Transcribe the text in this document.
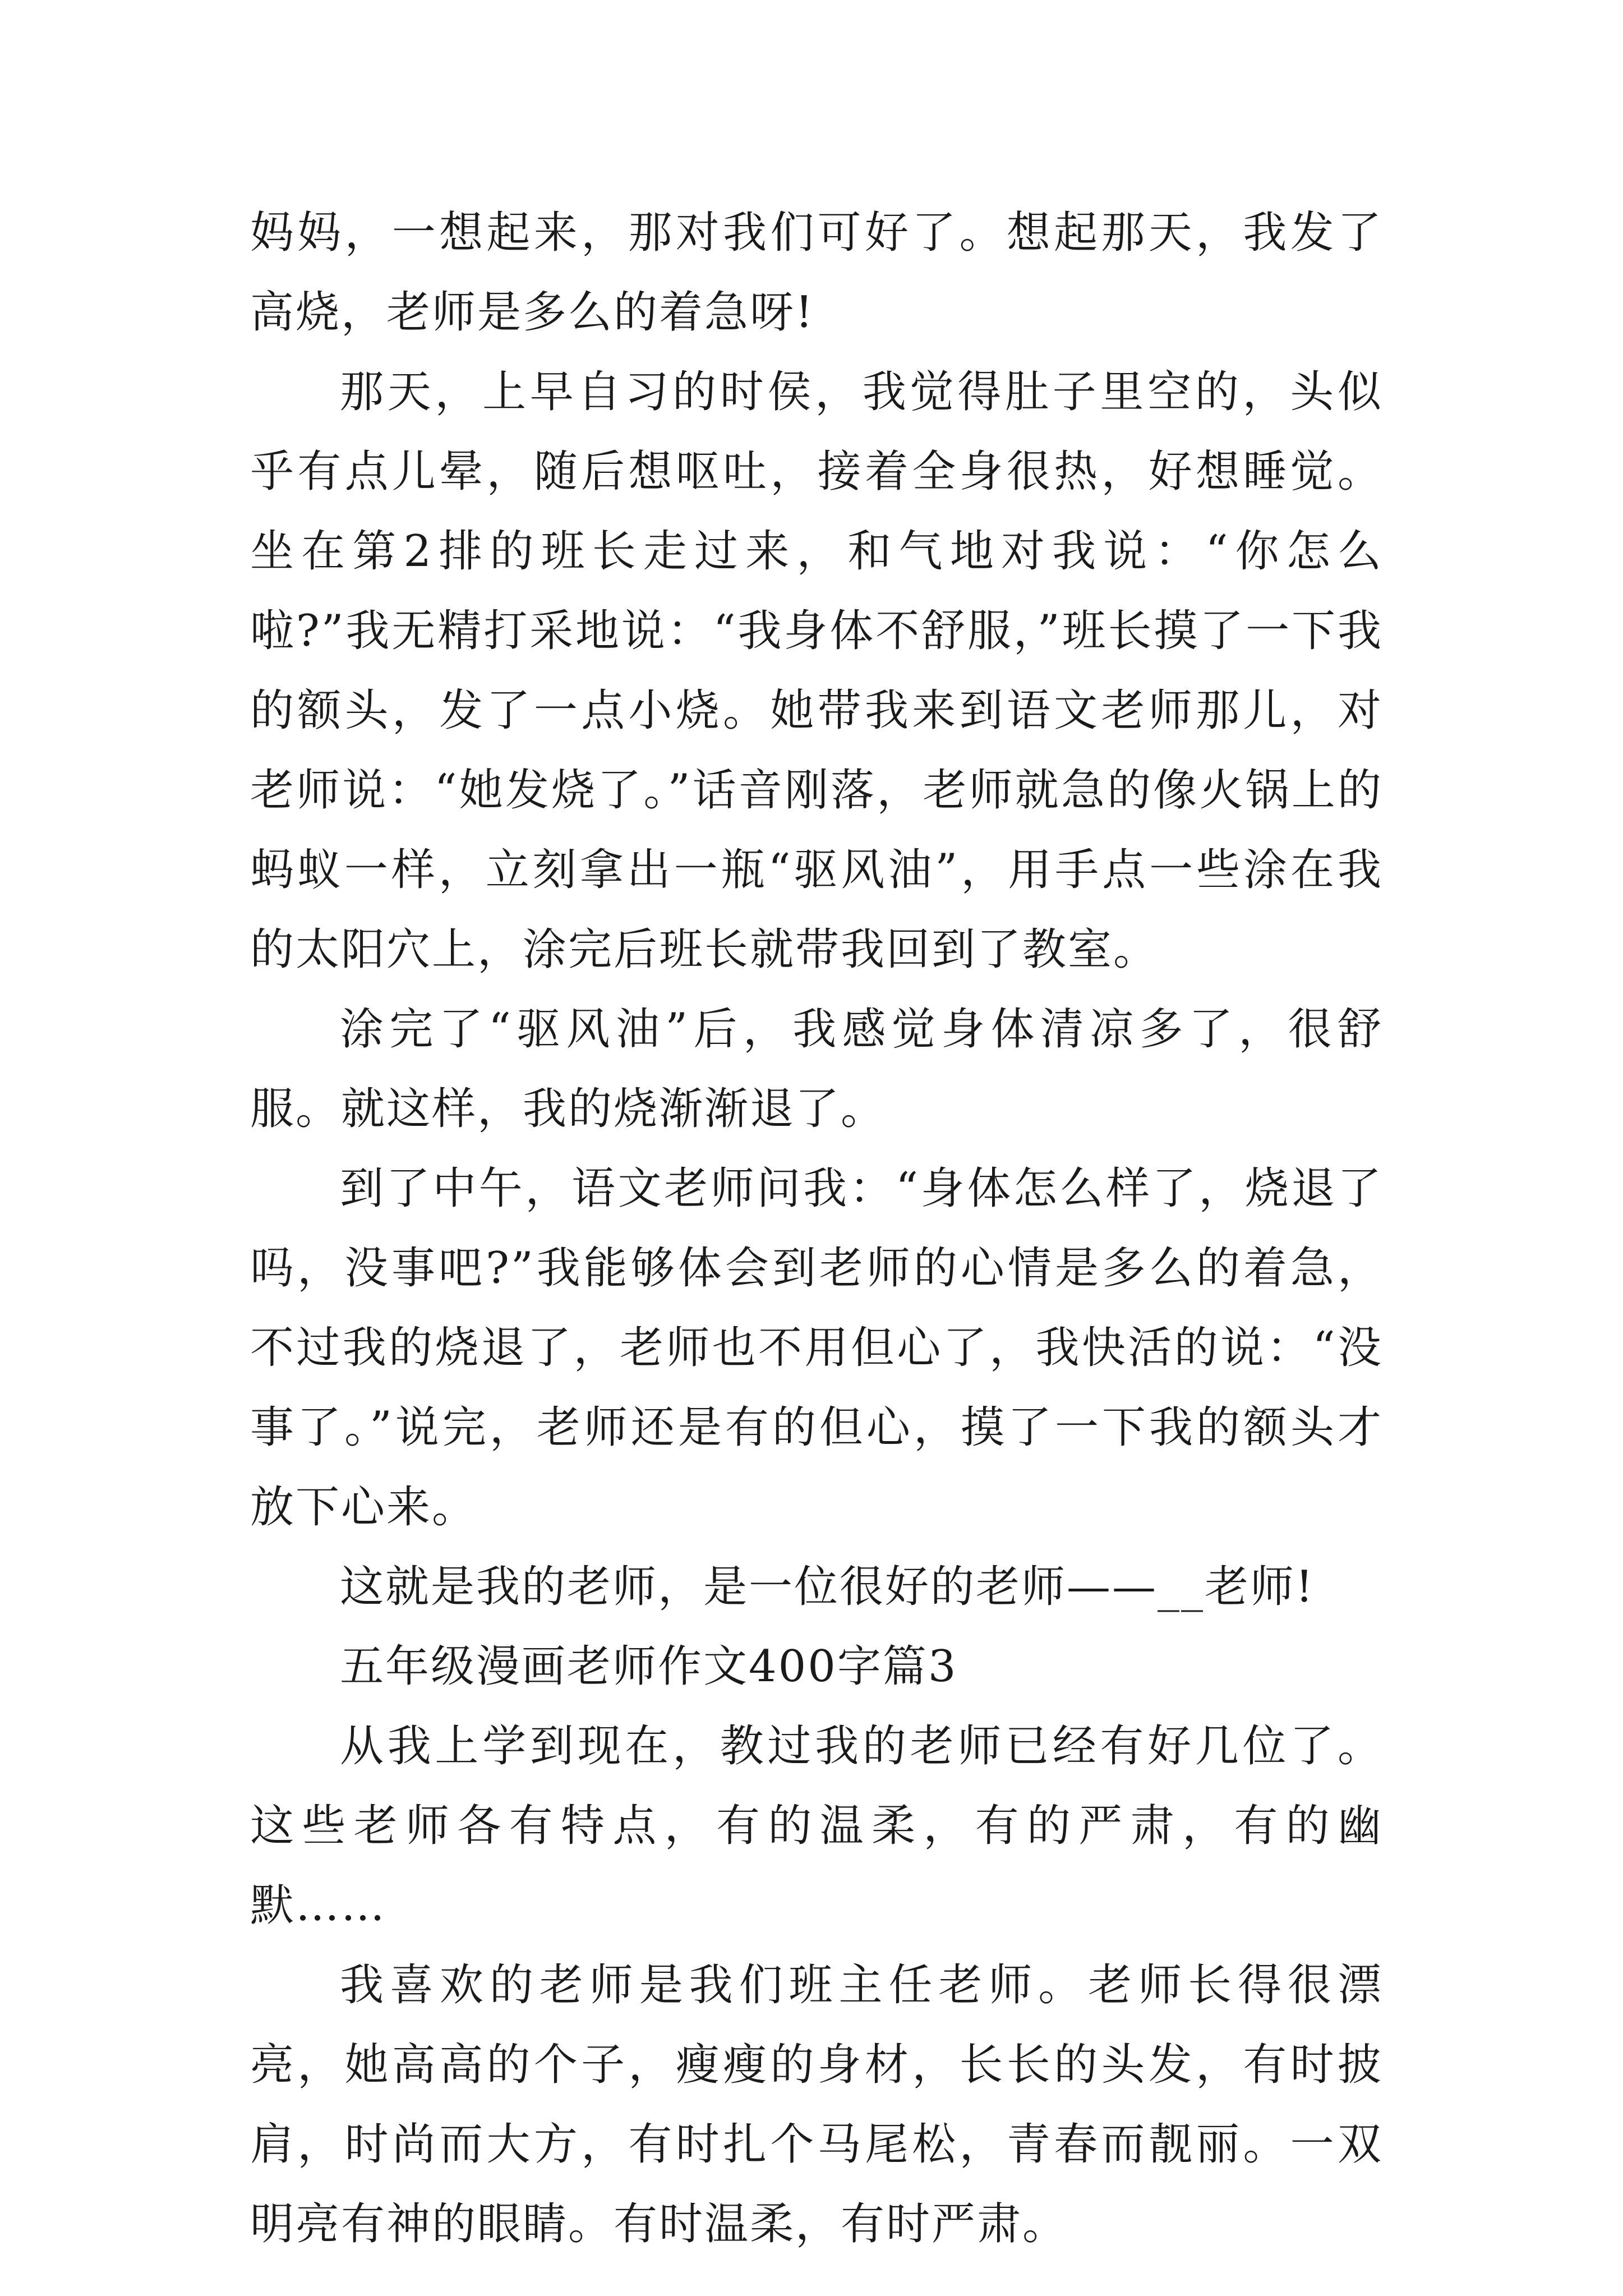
妈妈，一想起来，那对我们可好了。想起那天，我发了高烧，老师是多么的着急呀!

那天，上早自习的时侯，我觉得肚子里空的，头似乎有点儿晕，随后想呕吐，接着全身很热，好想睡觉。坐在第2排的班长走过来，和气地对我说：“你怎么啦?”我无精打采地说：“我身体不舒服，”班长摸了一下我的额头，发了一点小烧。她带我来到语文老师那儿，对老师说：“她发烧了。”话音刚落，老师就急的像火锅上的蚂蚁一样，立刻拿出一瓶“驱风油”，用手点一些涂在我的太阳穴上，涂完后班长就带我回到了教室。

涂完了“驱风油”后，我感觉身体清凉多了，很舒服。就这样，我的烧渐渐退了。

到了中午，语文老师问我：“身体怎么样了，烧退了吗，没事吧?”我能够体会到老师的心情是多么的着急，不过我的烧退了，老师也不用但心了，我快活的说：“没事了。”说完，老师还是有的但心，摸了一下我的额头才放下心来。

这就是我的老师，是一位很好的老师——__老师!

五年级漫画老师作文400字篇3

从我上学到现在，教过我的老师已经有好几位了。这些老师各有特点，有的温柔，有的严肃，有的幽默……

我喜欢的老师是我们班主任老师。老师长得很漂亮，她高高的个子，瘦瘦的身材，长长的头发，有时披肩，时尚而大方，有时扎个马尾松，青春而靓丽。一双明亮有神的眼睛。有时温柔，有时严肃。
